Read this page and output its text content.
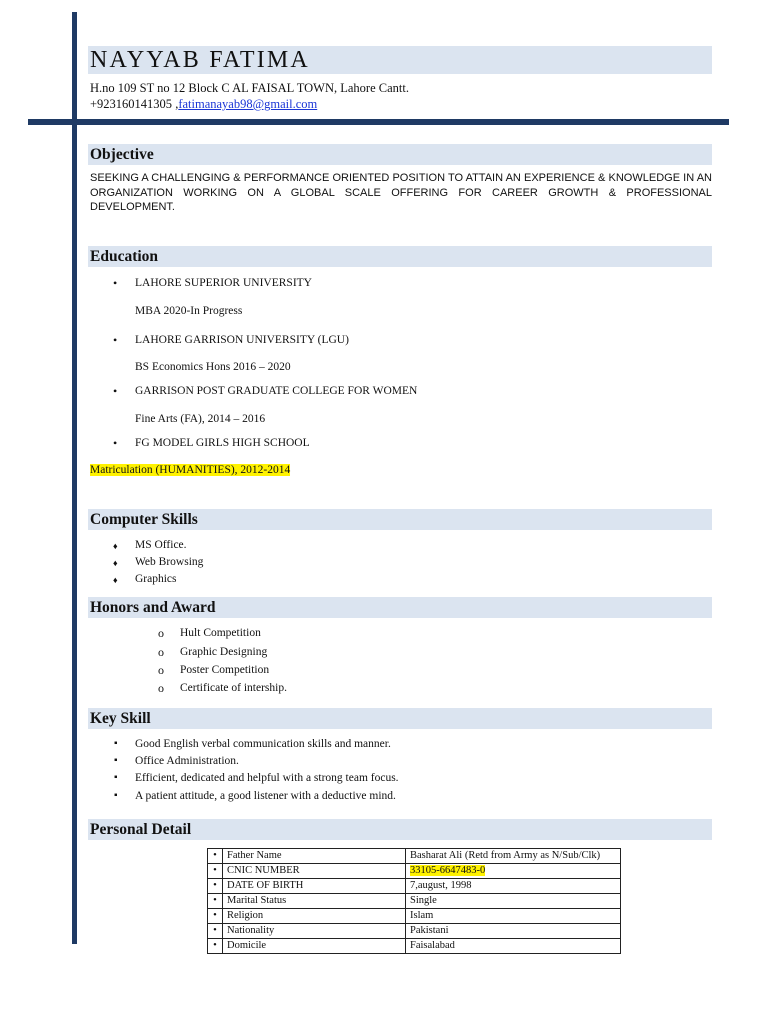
NAYYAB FATIMA
H.no 109 ST no 12 Block C AL FAISAL TOWN, Lahore Cantt.
+923160141305 ,fatimanayab98@gmail.com
Objective

SEEKING A CHALLENGING & PERFORMANCE ORIENTED POSITION TO ATTAIN AN EXPERIENCE & KNOWLEDGE IN AN ORGANIZATION WORKING ON A GLOBAL SCALE OFFERING FOR CAREER GROWTH & PROFESSIONAL DEVELOPMENT.

Education
• LAHORE SUPERIOR UNIVERSITY
MBA 2020-In Progress
• LAHORE GARRISON UNIVERSITY (LGU)
BS Economics Hons 2016 – 2020
• GARRISON POST GRADUATE COLLEGE FOR WOMEN
Fine Arts (FA), 2014 – 2016
• FG MODEL GIRLS HIGH SCHOOL
Matriculation (HUMANITIES), 2012-2014
Computer Skills
♦ MS Office.
♦ Web Browsing
♦ Graphics
Honors and Award
o Hult Competition
o Graphic Designing
o Poster Competition
o Certificate of intership.
Key Skill
▪ Good English verbal communication skills and manner.
▪ Office Administration.
▪ Efficient, dedicated and helpful with a strong team focus.
▪ A patient attitude, a good listener with a deductive mind.
Personal Detail
•	Father Name	Basharat Ali (Retd from Army as N/Sub/Clk)
•	CNIC NUMBER	33105-6647483-0
•	DATE OF BIRTH	7,august, 1998
•	Marital Status	Single
•	Religion	Islam
•	Nationality	Pakistani
•	Domicile	Faisalabad
